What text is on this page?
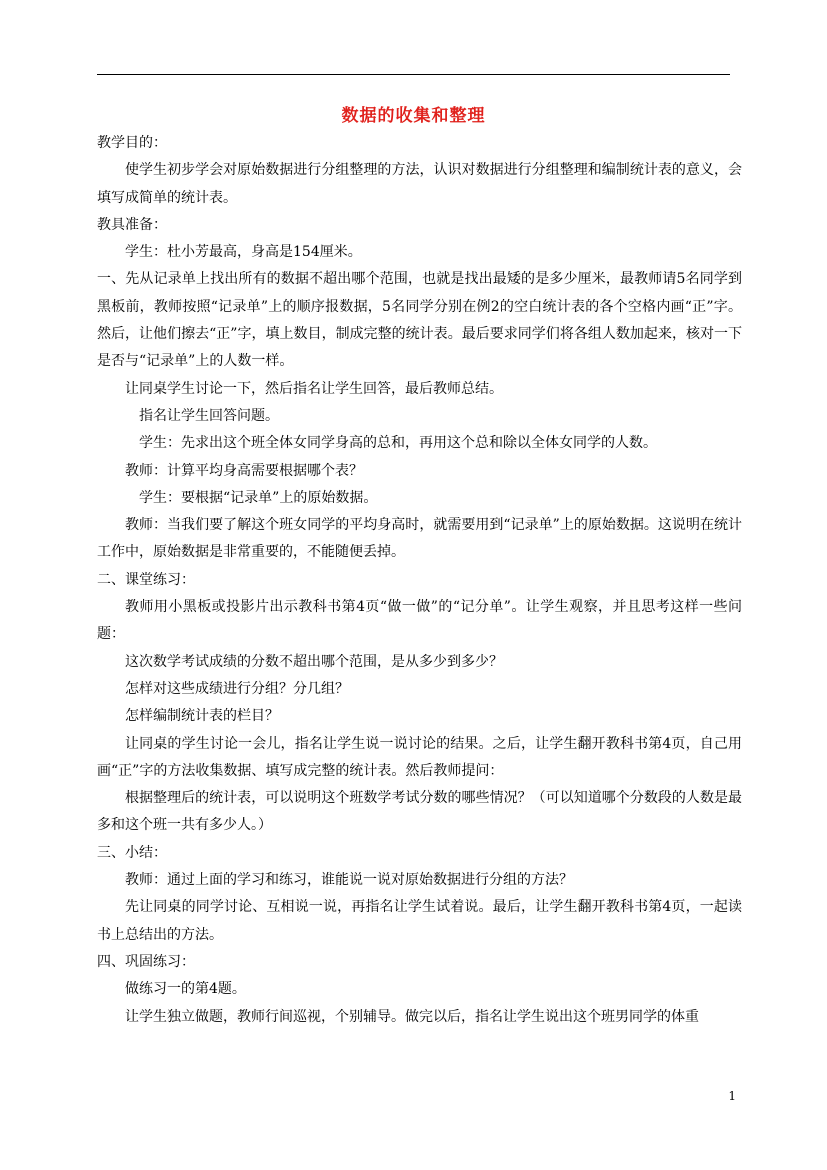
数据的收集和整理

教学目的：

使学生初步学会对原始数据进行分组整理的方法，认识对数据进行分组整理和编制统计表的意义，会填写成简单的统计表。

教具准备：

学生：杜小芳最高，身高是154厘米。

一、先从记录单上找出所有的数据不超出哪个范围，也就是找出最矮的是多少厘米，最教师请5名同学到黑板前，教师按照“记录单”上的顺序报数据，5名同学分别在例2的空白统计表的各个空格内画“正”字。然后，让他们擦去“正”字，填上数目，制成完整的统计表。最后要求同学们将各组人数加起来，核对一下是否与“记录单”上的人数一样。

让同桌学生讨论一下，然后指名让学生回答，最后教师总结。

指名让学生回答问题。

学生：先求出这个班全体女同学身高的总和，再用这个总和除以全体女同学的人数。

教师：计算平均身高需要根据哪个表？

学生：要根据“记录单”上的原始数据。

教师：当我们要了解这个班女同学的平均身高时，就需要用到“记录单”上的原始数据。这说明在统计工作中，原始数据是非常重要的，不能随便丢掉。

二、课堂练习：

教师用小黑板或投影片出示教科书第4页“做一做”的“记分单”。让学生观察，并且思考这样一些问题：

这次数学考试成绩的分数不超出哪个范围，是从多少到多少？

怎样对这些成绩进行分组？分几组？

怎样编制统计表的栏目？

让同桌的学生讨论一会儿，指名让学生说一说讨论的结果。之后，让学生翻开教科书第4页，自己用画“正”字的方法收集数据、填写成完整的统计表。然后教师提问：

根据整理后的统计表，可以说明这个班数学考试分数的哪些情况？（可以知道哪个分数段的人数是最多和这个班一共有多少人。）

三、小结：

教师：通过上面的学习和练习，谁能说一说对原始数据进行分组的方法？

先让同桌的同学讨论、互相说一说，再指名让学生试着说。最后，让学生翻开教科书第4页，一起读书上总结出的方法。

四、巩固练习：

做练习一的第4题。

让学生独立做题，教师行间巡视，个别辅导。做完以后，指名让学生说出这个班男同学的体重

1
